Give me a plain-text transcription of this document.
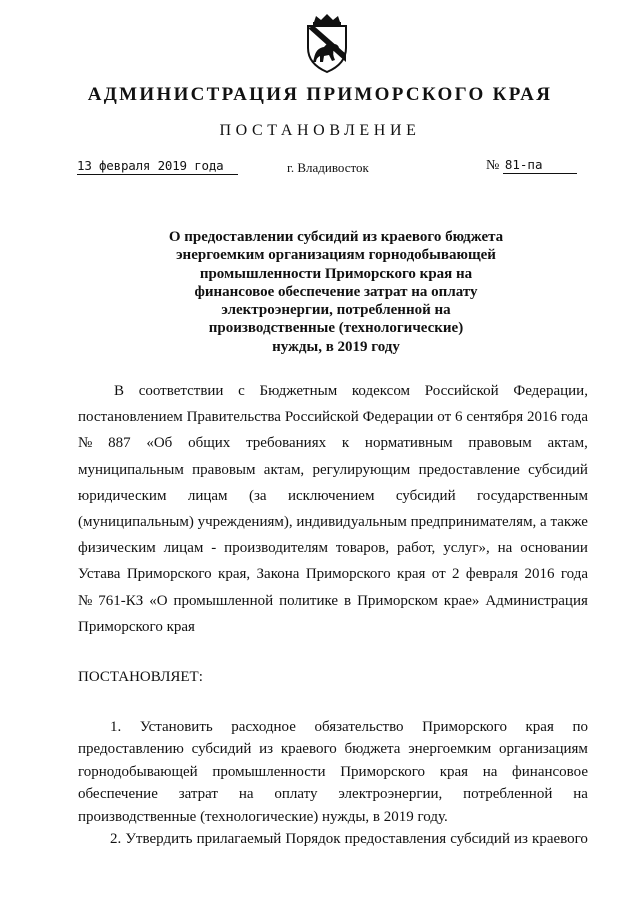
АДМИНИСТРАЦИЯ ПРИМОРСКОГО КРАЯ
ПОСТАНОВЛЕНИЕ
13 февраля 2019 года	г. Владивосток	№ 81-па
О предоставлении субсидий из краевого бюджета
энергоемким организациям горнодобывающей
промышленности Приморского края на
финансовое обеспечение затрат на оплату
электроэнергии, потребленной на
производственные (технологические)
нужды, в 2019 году
В соответствии с Бюджетным кодексом Российской Федерации,
постановлением Правительства Российской Федерации от 6 сентября 2016 года
№ 887 «Об общих требованиях к нормативным правовым актам,
муниципальным правовым актам, регулирующим предоставление субсидий
юридическим лицам (за исключением субсидий государственным
(муниципальным) учреждениям), индивидуальным предпринимателям, а также
физическим лицам - производителям товаров, работ, услуг», на основании
Устава Приморского края, Закона Приморского края от 2 февраля 2016 года
№ 761-КЗ «О промышленной политике в Приморском крае» Администрация
Приморского края
ПОСТАНОВЛЯЕТ:
1. Установить расходное обязательство Приморского края по
предоставлению субсидий из краевого бюджета энергоемким организациям
горнодобывающей промышленности Приморского края на финансовое
обеспечение затрат на оплату электроэнергии, потребленной на
производственные (технологические) нужды, в 2019 году.
2. Утвердить прилагаемый Порядок предоставления субсидий из краевого
